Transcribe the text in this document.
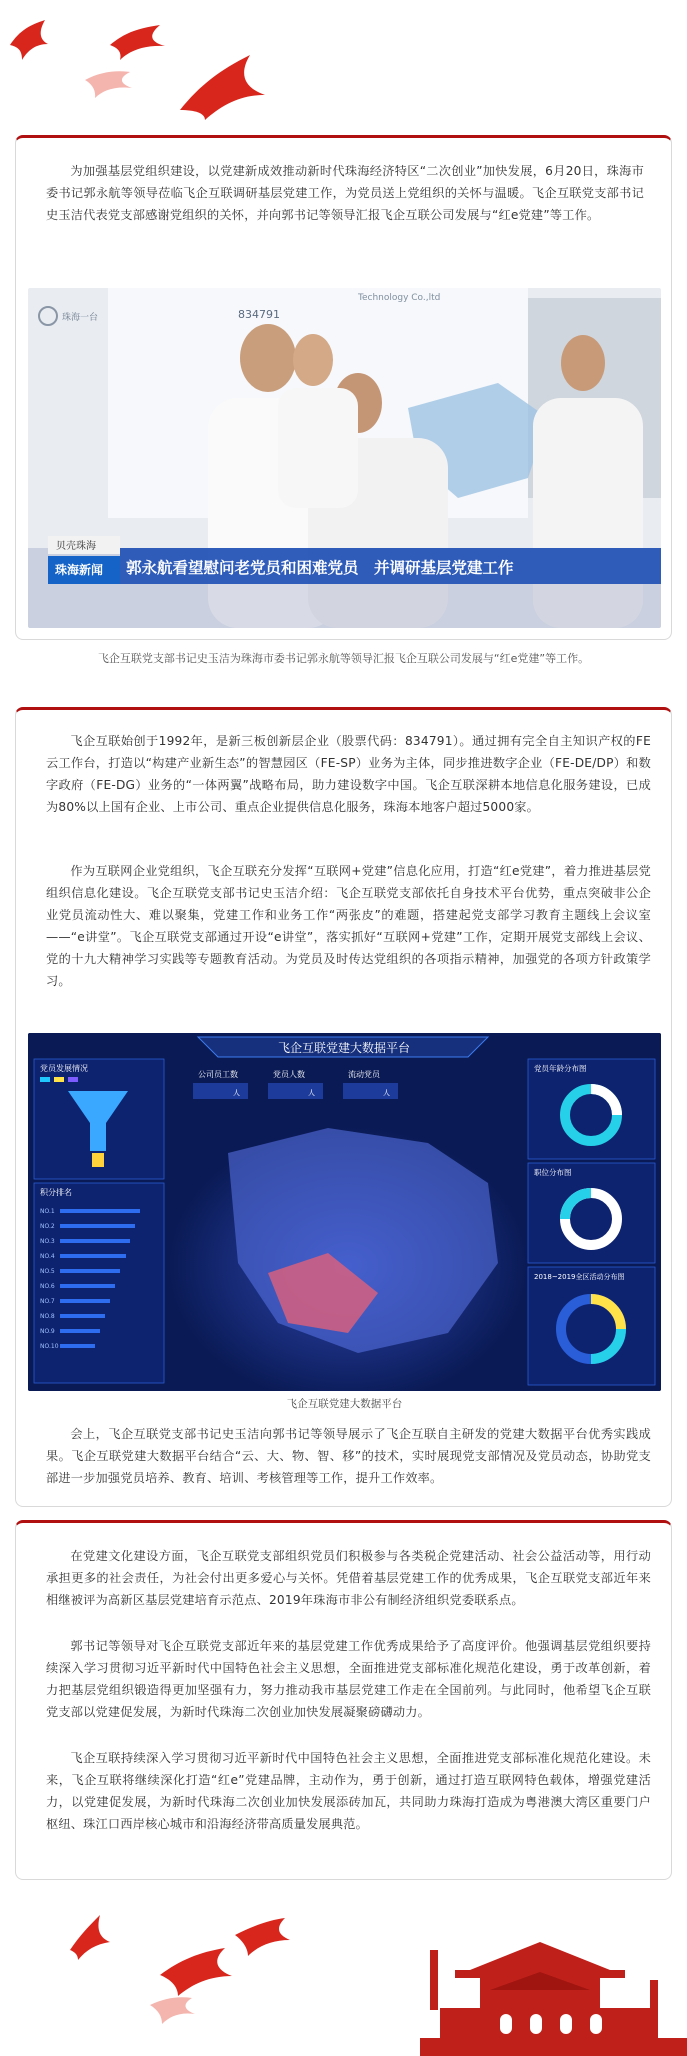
为加强基层党组织建设，以党建新成效推动新时代珠海经济特区“二次创业”加快发展，6月20日，珠海市委书记郭永航等领导莅临飞企互联调研基层党建工作，为党员送上党组织的关怀与温暖。飞企互联党支部书记史玉洁代表党支部感谢党组织的关怀，并向郭书记等领导汇报飞企互联公司发展与“红e党建”等工作。

834791
Technology Co.,ltd
珠海一台
贝壳珠海
珠海新闻 郭永航看望慰问老党员和困难党员　并调研基层党建工作
飞企互联党支部书记史玉洁为珠海市委书记郭永航等领导汇报飞企互联公司发展与“红e党建”等工作。

飞企互联始创于1992年，是新三板创新层企业（股票代码：834791）。通过拥有完全自主知识产权的FE云工作台，打造以“构建产业新生态”的智慧园区（FE-SP）业务为主体，同步推进数字企业（FE-DE/DP）和数字政府（FE-DG）业务的“一体两翼”战略布局，助力建设数字中国。飞企互联深耕本地信息化服务建设，已成为80%以上国有企业、上市公司、重点企业提供信息化服务，珠海本地客户超过5000家。

作为互联网企业党组织，飞企互联充分发挥“互联网+党建”信息化应用，打造“红e党建”，着力推进基层党组织信息化建设。飞企互联党支部书记史玉洁介绍：飞企互联党支部依托自身技术平台优势，重点突破非公企业党员流动性大、难以聚集，党建工作和业务工作“两张皮”的难题，搭建起党支部学习教育主题线上会议室——“e讲堂”。飞企互联党支部通过开设“e讲堂”，落实抓好“互联网+党建”工作，定期开展党支部线上会议、党的十九大精神学习实践等专题教育活动。为党员及时传达党组织的各项指示精神，加强党的各项方针政策学习。

飞企互联党建大数据平台
党员发展情况
积分排名
NO.1
NO.2
NO.3
NO.4
NO.5
NO.6
NO.7
NO.8
NO.9
NO.10
公司员工数
人
党员人数
人
流动党员
人
党员年龄分布图
职位分布图
2018~2019全区活动分布图
飞企互联党建大数据平台

会上，飞企互联党支部书记史玉洁向郭书记等领导展示了飞企互联自主研发的党建大数据平台优秀实践成果。飞企互联党建大数据平台结合“云、大、物、智、移”的技术，实时展现党支部情况及党员动态，协助党支部进一步加强党员培养、教育、培训、考核管理等工作，提升工作效率。

在党建文化建设方面，飞企互联党支部组织党员们积极参与各类税企党建活动、社会公益活动等，用行动承担更多的社会责任，为社会付出更多爱心与关怀。凭借着基层党建工作的优秀成果，飞企互联党支部近年来相继被评为高新区基层党建培育示范点、2019年珠海市非公有制经济组织党委联系点。

郭书记等领导对飞企互联党支部近年来的基层党建工作优秀成果给予了高度评价。他强调基层党组织要持续深入学习贯彻习近平新时代中国特色社会主义思想，全面推进党支部标准化规范化建设，勇于改革创新，着力把基层党组织锻造得更加坚强有力，努力推动我市基层党建工作走在全国前列。与此同时，他希望飞企互联党支部以党建促发展，为新时代珠海二次创业加快发展凝聚磅礴动力。

飞企互联持续深入学习贯彻习近平新时代中国特色社会主义思想，全面推进党支部标准化规范化建设。未来，飞企互联将继续深化打造“红e”党建品牌，主动作为，勇于创新，通过打造互联网特色载体，增强党建活力，以党建促发展，为新时代珠海二次创业加快发展添砖加瓦，共同助力珠海打造成为粤港澳大湾区重要门户枢纽、珠江口西岸核心城市和沿海经济带高质量发展典范。
